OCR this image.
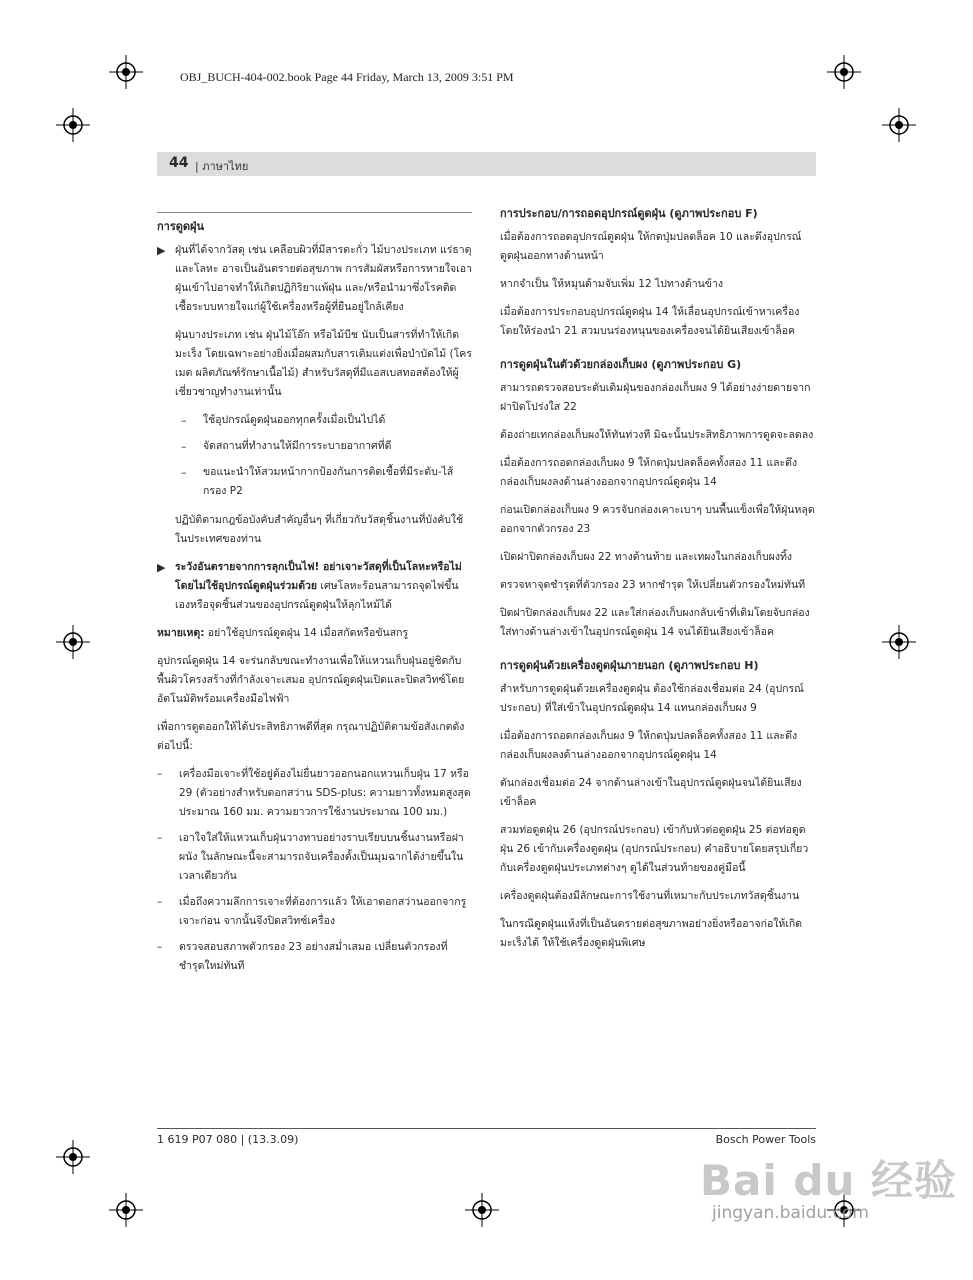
OBJ_BUCH-404-002.book Page 44 Friday, March 13, 2009 3:51 PM
44 | ภาษาไทย
การดูดฝุ่น
▶ ฝุ่นที่ได้จากวัสดุ เช่น เคลือบผิวที่มีสารตะกั่ว ไม้บางประเภท แร่ธาตุ และโลหะ อาจเป็นอันตรายต่อสุขภาพ การสัมผัสหรือการหายใจเอาฝุ่นเข้าไปอาจทำให้เกิดปฏิกิริยาแพ้ฝุ่น และ/หรือนำมาซึ่งโรคติดเชื้อระบบหายใจแก่ผู้ใช้เครื่องหรือผู้ที่ยืนอยู่ใกล้เคียง
ฝุ่นบางประเภท เช่น ฝุ่นไม้โอ๊ก หรือไม้บีช นับเป็นสารที่ทำให้เกิดมะเร็ง โดยเฉพาะอย่างยิ่งเมื่อผสมกับสารเติมแต่งเพื่อบำบัดไม้ (โครเมต ผลิตภัณฑ์รักษาเนื้อไม้) สำหรับวัสดุที่มีแอสเบสทอสต้องให้ผู้เชี่ยวชาญทำงานเท่านั้น
– ใช้อุปกรณ์ดูดฝุ่นออกทุกครั้งเมื่อเป็นไปได้
– จัดสถานที่ทำงานให้มีการระบายอากาศที่ดี
– ขอแนะนำให้สวมหน้ากากป้องกันการติดเชื้อที่มีระดับ-ไส้กรอง P2
ปฏิบัติตามกฎข้อบังคับสำคัญอื่นๆ ที่เกี่ยวกับวัสดุชิ้นงานที่บังคับใช้ในประเทศของท่าน
▶ ระวังอันตรายจากการลุกเป็นไฟ! อย่าเจาะวัสดุที่เป็นโลหะหรือไม่โดยไม่ใช้อุปกรณ์ดูดฝุ่นร่วมด้วย เศษโลหะร้อนสามารถจุดไฟขึ้นเองหรือจุดชิ้นส่วนของอุปกรณ์ดูดฝุ่นให้ลุกไหม้ได้
หมายเหตุ: อย่าใช้อุปกรณ์ดูดฝุ่น 14 เมื่อสกัดหรือขันสกรู
อุปกรณ์ดูดฝุ่น 14 จะร่นกลับขณะทำงานเพื่อให้แหวนเก็บฝุ่นอยู่ชิดกับพื้นผิวโครงสร้างที่กำลังเจาะเสมอ อุปกรณ์ดูดฝุ่นเปิดและปิดสวิทซ์โดยอัตโนมัติพร้อมเครื่องมือไฟฟ้า
เพื่อการดูดออกให้ได้ประสิทธิภาพดีที่สุด กรุณาปฏิบัติตามข้อสังเกตดังต่อไปนี้:
– เครื่องมือเจาะที่ใช้อยู่ต้องไม่ยื่นยาวออกนอกแหวนเก็บฝุ่น 17 หรือ 29 (ตัวอย่างสำหรับดอกสว่าน SDS-plus: ความยาวทั้งหมดสูงสุดประมาณ 160 มม. ความยาวการใช้งานประมาณ 100 มม.)
– เอาใจใส่ให้แหวนเก็บฝุ่นวางทาบอย่างราบเรียบบนชิ้นงานหรือฝาผนัง ในลักษณะนี้จะสามารถจับเครื่องตั้งเป็นมุมฉากได้ง่ายขึ้นในเวลาเดียวกัน
– เมื่อถึงความลึกการเจาะที่ต้องการแล้ว ให้เอาดอกสว่านออกจากรูเจาะก่อน จากนั้นจึงปิดสวิทซ์เครื่อง
– ตรวจสอบสภาพตัวกรอง 23 อย่างสม่ำเสมอ เปลี่ยนตัวกรองที่ชำรุดใหม่ทันที
การประกอบ/การถอดอุปกรณ์ดูดฝุ่น (ดูภาพประกอบ F)
เมื่อต้องการถอดอุปกรณ์ดูดฝุ่น ให้กดปุ่มปลดล็อค 10 และดึงอุปกรณ์ดูดฝุ่นออกทางด้านหน้า
หากจำเป็น ให้หมุนด้ามจับเพิ่ม 12 ไปทางด้านข้าง
เมื่อต้องการประกอบอุปกรณ์ดูดฝุ่น 14 ให้เลื่อนอุปกรณ์เข้าหาเครื่องโดยให้ร่องนำ 21 สวมบนร่องหนุนของเครื่องจนได้ยินเสียงเข้าล็อค
การดูดฝุ่นในตัวด้วยกล่องเก็บผง (ดูภาพประกอบ G)
สามารถตรวจสอบระดับเติมฝุ่นของกล่องเก็บผง 9 ได้อย่างง่ายดายจากฝาปิดโปร่งใส 22
ต้องถ่ายเทกล่องเก็บผงให้ทันท่วงที มิฉะนั้นประสิทธิภาพการดูดจะลดลง
เมื่อต้องการถอดกล่องเก็บผง 9 ให้กดปุ่มปลดล็อคทั้งสอง 11 และดึงกล่องเก็บผงลงด้านล่างออกจากอุปกรณ์ดูดฝุ่น 14
ก่อนเปิดกล่องเก็บผง 9 ควรจับกล่องเคาะเบาๆ บนพื้นแข็งเพื่อให้ฝุ่นหลุดออกจากตัวกรอง 23
เปิดฝาปิดกล่องเก็บผง 22 ทางด้านท้าย และเทผงในกล่องเก็บผงทิ้ง
ตรวจหาจุดชำรุดที่ตัวกรอง 23 หากชำรุด ให้เปลี่ยนตัวกรองใหม่ทันที
ปิดฝาปิดกล่องเก็บผง 22 และใส่กล่องเก็บผงกลับเข้าที่เดิมโดยจับกล่องใส่ทางด้านล่างเข้าในอุปกรณ์ดูดฝุ่น 14 จนได้ยินเสียงเข้าล็อค
การดูดฝุ่นด้วยเครื่องดูดฝุ่นภายนอก (ดูภาพประกอบ H)
สำหรับการดูดฝุ่นด้วยเครื่องดูดฝุ่น ต้องใช้กล่องเชื่อมต่อ 24 (อุปกรณ์ประกอบ) ที่ใส่เข้าในอุปกรณ์ดูดฝุ่น 14 แทนกล่องเก็บผง 9
เมื่อต้องการถอดกล่องเก็บผง 9 ให้กดปุ่มปลดล็อคทั้งสอง 11 และดึงกล่องเก็บผงลงด้านล่างออกจากอุปกรณ์ดูดฝุ่น 14
ดันกล่องเชื่อมต่อ 24 จากด้านล่างเข้าในอุปกรณ์ดูดฝุ่นจนได้ยินเสียงเข้าล็อค
สวมท่อดูดฝุ่น 26 (อุปกรณ์ประกอบ) เข้ากับหัวต่อดูดฝุ่น 25 ต่อท่อดูดฝุ่น 26 เข้ากับเครื่องดูดฝุ่น (อุปกรณ์ประกอบ) คำอธิบายโดยสรุปเกี่ยวกับเครื่องดูดฝุ่นประเภทต่างๆ ดูได้ในส่วนท้ายของคู่มือนี้
เครื่องดูดฝุ่นต้องมีลักษณะการใช้งานที่เหมาะกับประเภทวัสดุชิ้นงาน
ในกรณีดูดฝุ่นแห้งที่เป็นอันตรายต่อสุขภาพอย่างยิ่งหรืออาจก่อให้เกิดมะเร็งได้ ให้ใช้เครื่องดูดฝุ่นพิเศษ
1 619 P07 080 | (13.3.09)	Bosch Power Tools
Bai du 经验
jingyan.baidu.com
